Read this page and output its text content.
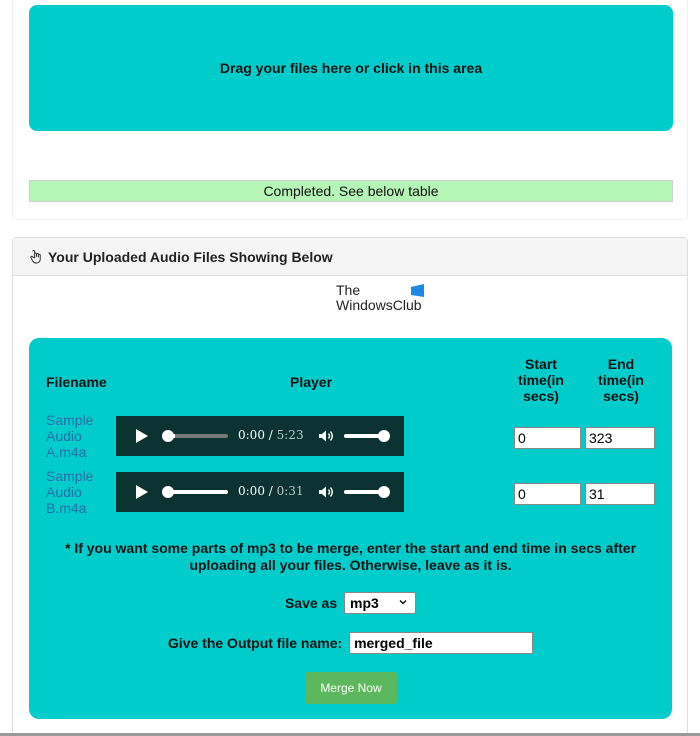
Drag your files here or click in this area
Completed. See below table
Your Uploaded Audio Files Showing Below
The
WindowsClub
Filename	Player
Start time(in secs)
End time(in secs)
Sample Audio A.m4a
0:00 / 5:23
0
323
Sample Audio B.m4a
0:00 / 0:31
0
31
* If you want some parts of mp3 to be merge, enter the start and end time in secs after uploading all your files. Otherwise, leave as it is.
Save as mp3
Give the Output file name: merged_file
Merge Now
